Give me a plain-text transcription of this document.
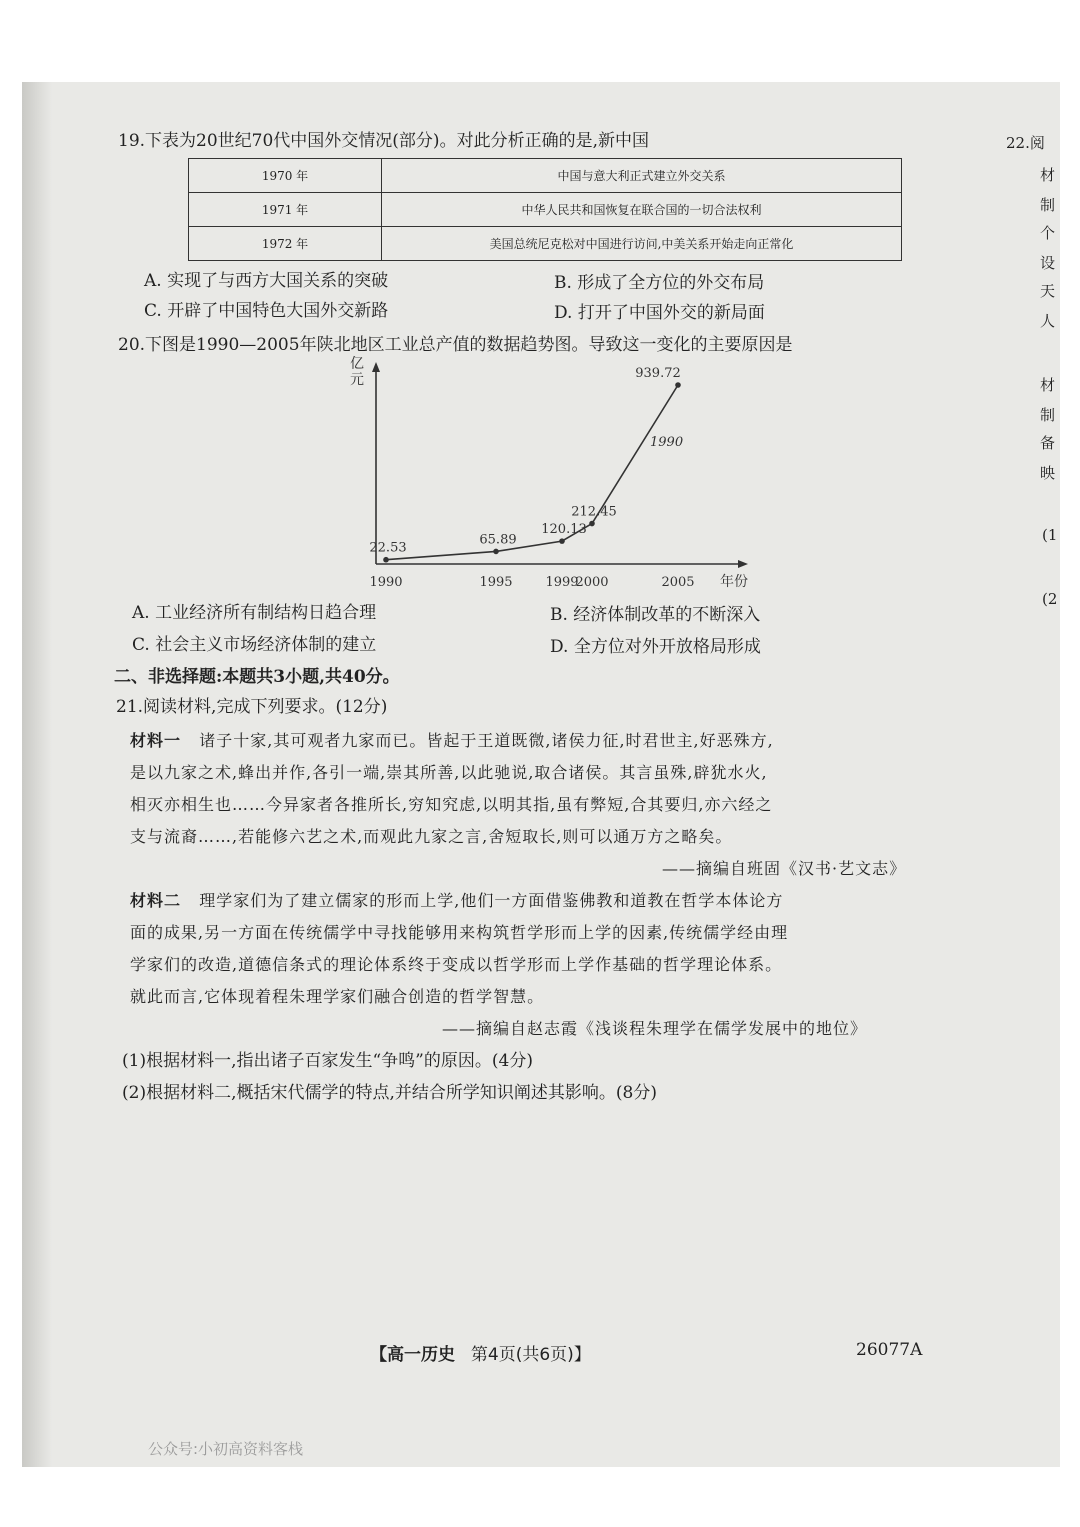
19.下表为20世纪70代中国外交情况(部分)。对此分析正确的是,新中国
1970 年	中国与意大利正式建立外交关系
1971 年	中华人民共和国恢复在联合国的一切合法权利
1972 年	美国总统尼克松对中国进行访问,中美关系开始走向正常化
A. 实现了与西方大国关系的突破	B. 形成了全方位的外交布局
C. 开辟了中国特色大国外交新路	D. 打开了中国外交的新局面
20.下图是1990—2005年陕北地区工业总产值的数据趋势图。导致这一变化的主要原因是
亿
元
年份
1990
22.53
1995
65.89
1999
120.13
2000
212.45
2005
939.72
1990
A. 工业经济所有制结构日趋合理	B. 经济体制改革的不断深入
C. 社会主义市场经济体制的建立	D. 全方位对外开放格局形成
二、非选择题:本题共3小题,共40分。
21.阅读材料,完成下列要求。(12分)
材料一 诸子十家,其可观者九家而已。皆起于王道既微,诸侯力征,时君世主,好恶殊方,
是以九家之术,蜂出并作,各引一端,崇其所善,以此驰说,取合诸侯。其言虽殊,辟犹水火,
相灭亦相生也……今异家者各推所长,穷知究虑,以明其指,虽有弊短,合其要归,亦六经之
支与流裔……,若能修六艺之术,而观此九家之言,舍短取长,则可以通万方之略矣。
——摘编自班固《汉书·艺文志》
材料二 理学家们为了建立儒家的形而上学,他们一方面借鉴佛教和道教在哲学本体论方
面的成果,另一方面在传统儒学中寻找能够用来构筑哲学形而上学的因素,传统儒学经由理
学家们的改造,道德信条式的理论体系终于变成以哲学形而上学作基础的哲学理论体系。
就此而言,它体现着程朱理学家们融合创造的哲学智慧。
——摘编自赵志霞《浅谈程朱理学在儒学发展中的地位》
(1)根据材料一,指出诸子百家发生“争鸣”的原因。(4分)
(2)根据材料二,概括宋代儒学的特点,并结合所学知识阐述其影响。(8分)
【高一历史 第4页(共6页)】	26077A
22.阅
材
制
个
设
天
人
材
制
备
映
(1
(2
公众号:小初高资料客栈
